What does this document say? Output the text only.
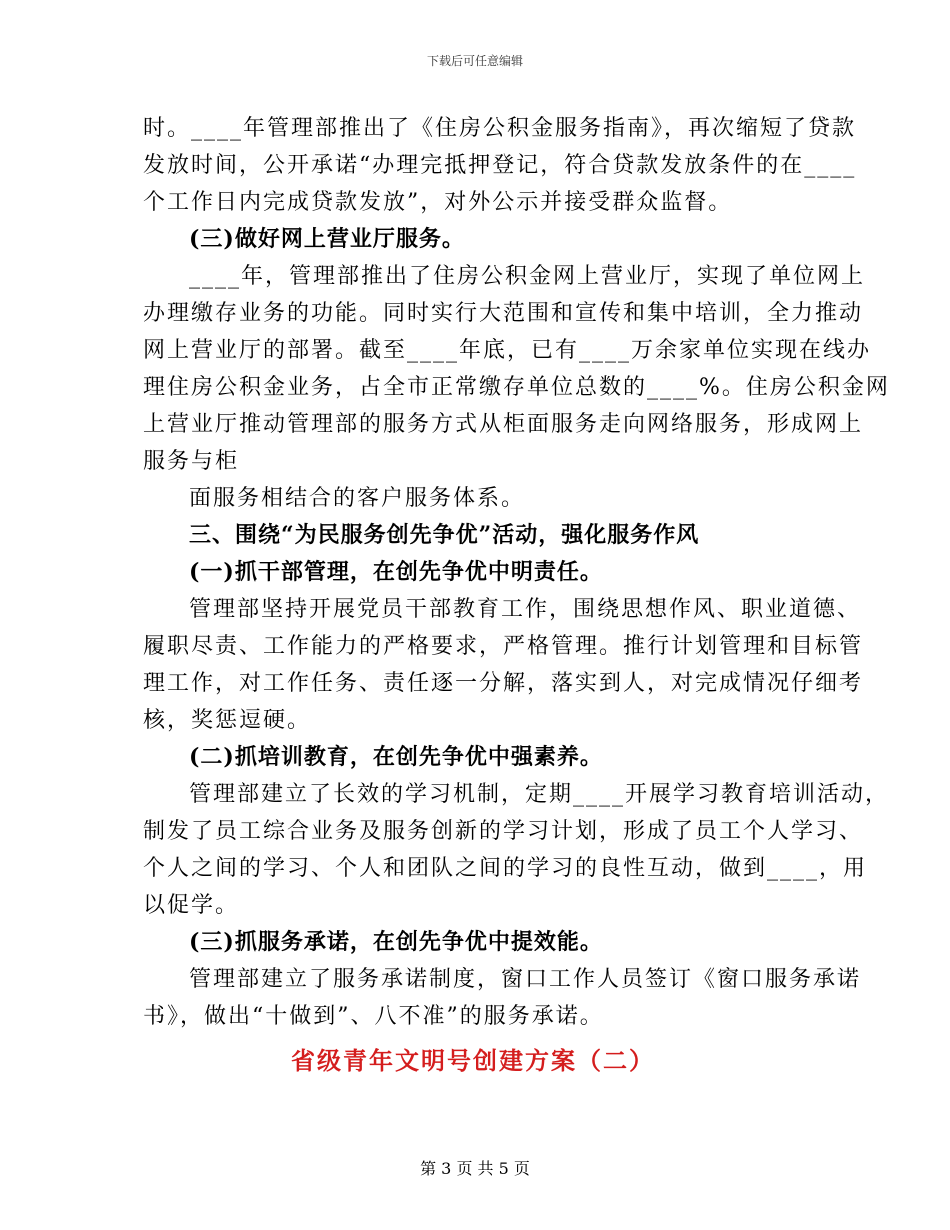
下载后可任意编辑
时。____年管理部推出了《住房公积金服务指南》，再次缩短了贷款
发放时间，公开承诺“办理完抵押登记，符合贷款发放条件的在____
个工作日内完成贷款发放”，对外公示并接受群众监督。
(三)做好网上营业厅服务。
____年，管理部推出了住房公积金网上营业厅，实现了单位网上
办理缴存业务的功能。同时实行大范围和宣传和集中培训，全力推动
网上营业厅的部署。截至____年底，已有____万余家单位实现在线办
理住房公积金业务，占全市正常缴存单位总数的____%。住房公积金网
上营业厅推动管理部的服务方式从柜面服务走向网络服务，形成网上
服务与柜
面服务相结合的客户服务体系。
三、围绕“为民服务创先争优”活动，强化服务作风
(一)抓干部管理，在创先争优中明责任。
管理部坚持开展党员干部教育工作，围绕思想作风、职业道德、
履职尽责、工作能力的严格要求，严格管理。推行计划管理和目标管
理工作，对工作任务、责任逐一分解，落实到人，对完成情况仔细考
核，奖惩逗硬。
(二)抓培训教育，在创先争优中强素养。
管理部建立了长效的学习机制，定期____开展学习教育培训活动，
制发了员工综合业务及服务创新的学习计划，形成了员工个人学习、
个人之间的学习、个人和团队之间的学习的良性互动，做到____，用
以促学。
(三)抓服务承诺，在创先争优中提效能。
管理部建立了服务承诺制度，窗口工作人员签订《窗口服务承诺
书》，做出“十做到”、八不准”的服务承诺。
省级青年文明号创建方案（二）
第 3 页 共 5 页
